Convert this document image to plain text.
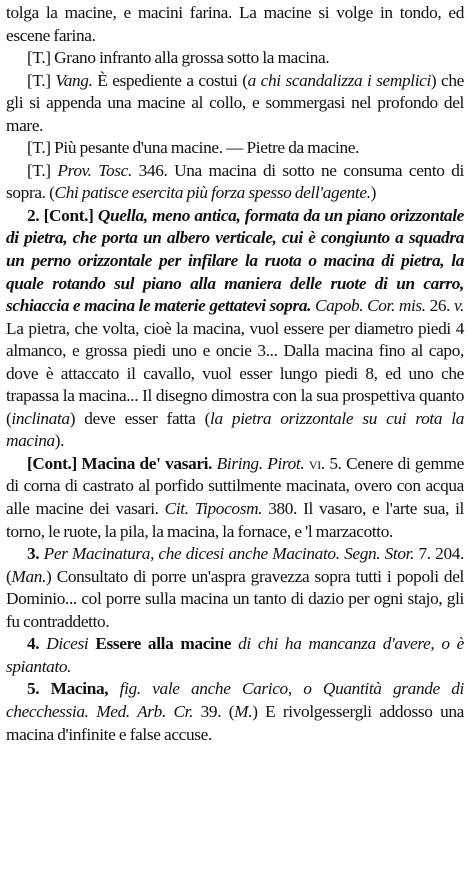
tolga la macine, e macini farina. La macine si volge in tondo, ed escene farina.

[T.] Grano infranto alla grossa sotto la macina.

[T.] Vang. È espediente a costui (a chi scandalizza i semplici) che gli si appenda una macine al collo, e sommergasi nel profondo del mare.

[T.] Più pesante d'una macine. — Pietre da macine.

[T.] Prov. Tosc. 346. Una macina di sotto ne consuma cento di sopra. (Chi patisce esercita più forza spesso dell'agente.)

2. [Cont.] Quella, meno antica, formata da un piano orizzontale di pietra, che porta un albero verticale, cui è congiunto a squadra un perno orizzontale per infilare la ruota o macina di pietra, la quale rotando sul piano alla maniera delle ruote di un carro, schiaccia e macina le materie gettatevi sopra. Capob. Cor. mis. 26. v. La pietra, che volta, cioè la macina, vuol essere per diametro piedi 4 almanco, e grossa piedi uno e oncie 3... Dalla macina fino al capo, dove è attaccato il cavallo, vuol esser lungo piedi 8, ed uno che trapassa la macina... Il disegno dimostra con la sua prospettiva quanto (inclinata) deve esser fatta (la pietra orizzontale su cui rota la macina).

[Cont.] Macina de' vasari. Biring. Pirot. vi. 5. Cenere di gemme di corna di castrato al porfido suttilmente macinata, overo con acqua alle macine dei vasari. Cit. Tipocosm. 380. Il vasaro, e l'arte sua, il torno, le ruote, la pila, la macina, la fornace, e 'l marzacotto.

3. Per Macinatura, che dicesi anche Macinato. Segn. Stor. 7. 204. (Man.) Consultato di porre un'aspra gravezza sopra tutti i popoli del Dominio... col porre sulla macina un tanto di dazio per ogni stajo, gli fu contraddetto.

4. Dicesi Essere alla macine di chi ha mancanza d'avere, o è spiantato.

5. Macina, fig. vale anche Carico, o Quantità grande di checchessia. Med. Arb. Cr. 39. (M.) E rivolgessergli addosso una macina d'infinite e false accuse.
